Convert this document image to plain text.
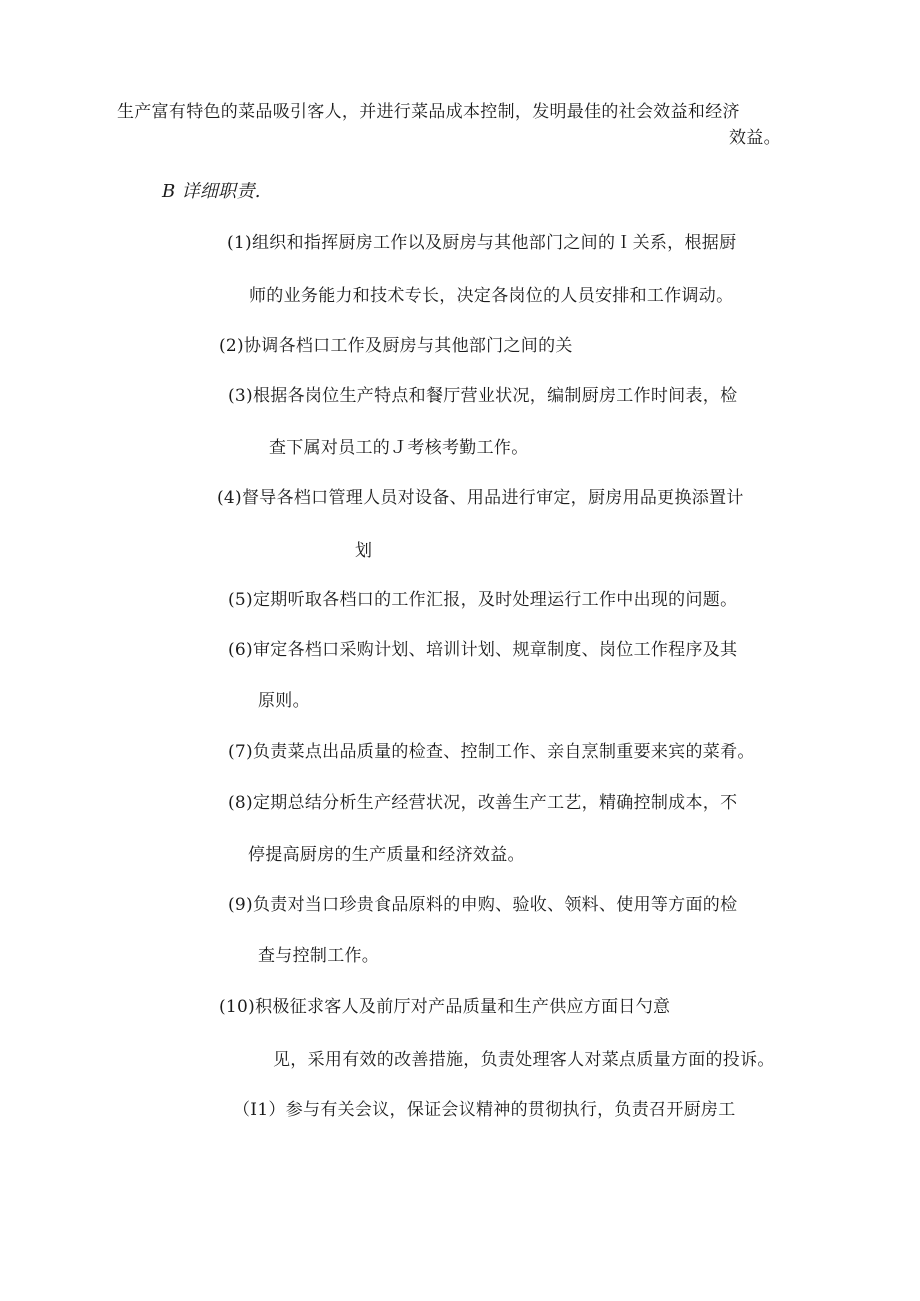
生产富有特色的菜品吸引客人，并进行菜品成本控制，发明最佳的社会效益和经济
效益。
B 详细职责.
(1)组织和指挥厨房工作以及厨房与其他部门之间的Ｉ关系，根据厨
师的业务能力和技术专长，决定各岗位的人员安排和工作调动。
(2)协调各档口工作及厨房与其他部门之间的关
(3)根据各岗位生产特点和餐厅营业状况，编制厨房工作时间表，检
查下属对员工的Ｊ考核考勤工作。
(4)督导各档口管理人员对设备、用品进行审定，厨房用品更换添置计
划
(5)定期听取各档口的工作汇报，及时处理运行工作中出现的问题。
(6)审定各档口采购计划、培训计划、规章制度、岗位工作程序及其
原则。
(7)负责菜点出品质量的检查、控制工作、亲自烹制重要来宾的菜肴。
(8)定期总结分析生产经营状况，改善生产工艺，精确控制成本，不
停提高厨房的生产质量和经济效益。
(9)负责对当口珍贵食品原料的申购、验收、领料、使用等方面的检
查与控制工作。
(10)积极征求客人及前厅对产品质量和生产供应方面日勺意
见，采用有效的改善措施，负责处理客人对菜点质量方面的投诉。
（I1）参与有关会议，保证会议精神的贯彻执行，负责召开厨房工
